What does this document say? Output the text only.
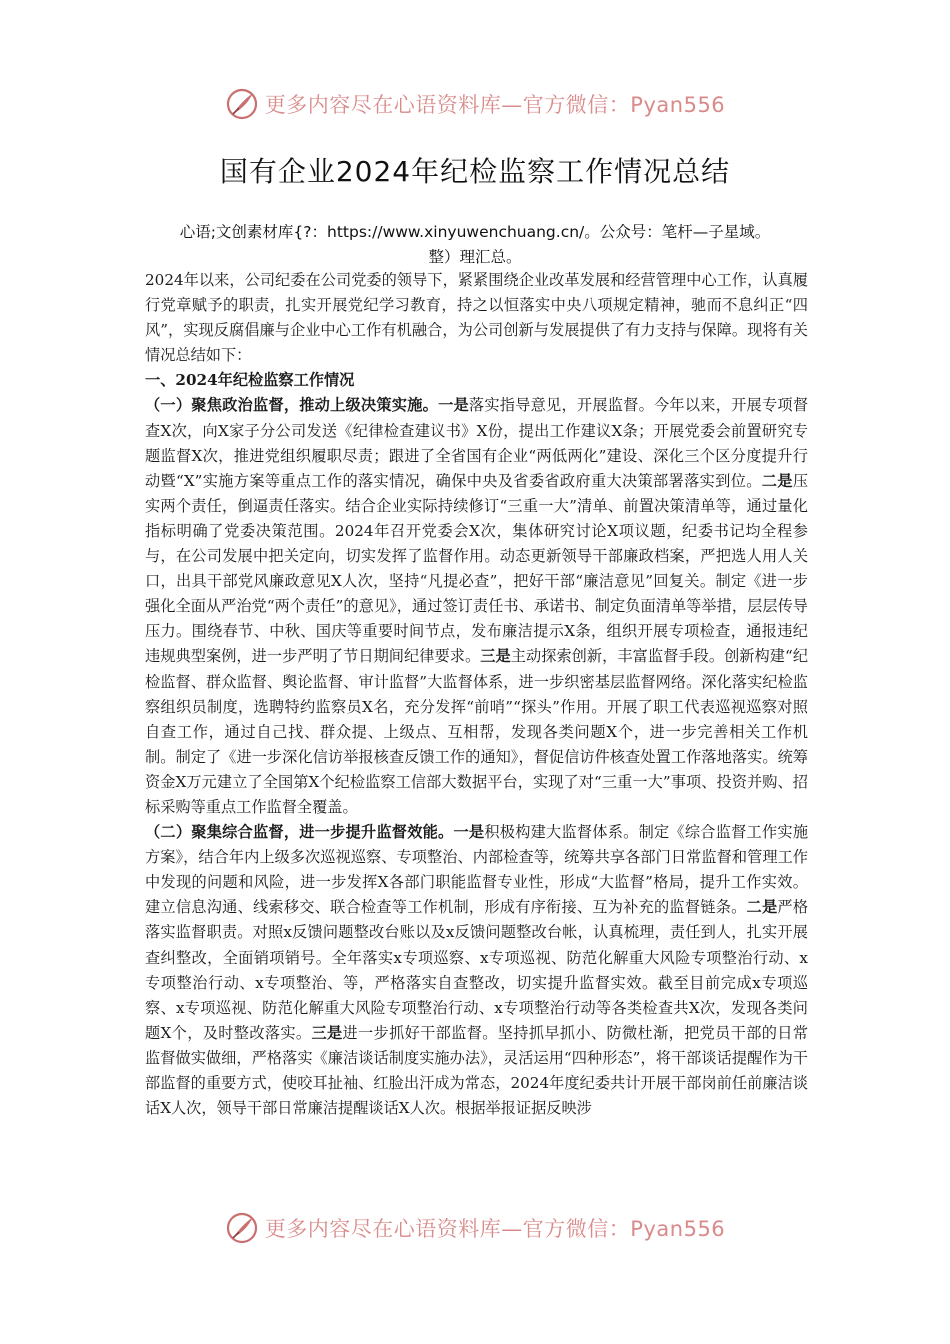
更多内容尽在心语资料库—官方微信：Pyan556
国有企业2024年纪检监察工作情况总结
心语;文创素材库{?：https://www.xinyuwenchuang.cn/。公众号：笔杆—子星域。
整）理汇总。

2024年以来，公司纪委在公司党委的领导下，紧紧围绕企业改革发展和经营管理中心工作，认真履行党章赋予的职责，扎实开展党纪学习教育，持之以恒落实中央八项规定精神，驰而不息纠正“四风”，实现反腐倡廉与企业中心工作有机融合，为公司创新与发展提供了有力支持与保障。现将有关情况总结如下：

一、2024年纪检监察工作情况

（一）聚焦政治监督，推动上级决策实施。一是落实指导意见，开展监督。今年以来，开展专项督查X次，向X家子分公司发送《纪律检查建议书》X份，提出工作建议X条；开展党委会前置研究专题监督X次，推进党组织履职尽责；跟进了全省国有企业“两低两化”建设、深化三个区分度提升行动暨“X”实施方案等重点工作的落实情况，确保中央及省委省政府重大决策部署落实到位。二是压实两个责任，倒逼责任落实。结合企业实际持续修订“三重一大”清单、前置决策清单等，通过量化指标明确了党委决策范围。2024年召开党委会X次，集体研究讨论X项议题，纪委书记均全程参与，在公司发展中把关定向，切实发挥了监督作用。动态更新领导干部廉政档案，严把选人用人关口，出具干部党风廉政意见X人次，坚持“凡提必查”，把好干部“廉洁意见”回复关。制定《进一步强化全面从严治党“两个责任”的意见》，通过签订责任书、承诺书、制定负面清单等举措，层层传导压力。围绕春节、中秋、国庆等重要时间节点，发布廉洁提示X条，组织开展专项检查，通报违纪违规典型案例，进一步严明了节日期间纪律要求。三是主动探索创新，丰富监督手段。创新构建“纪检监督、群众监督、舆论监督、审计监督”大监督体系，进一步织密基层监督网络。深化落实纪检监察组织员制度，选聘特约监察员X名，充分发挥“前哨”“探头”作用。开展了职工代表巡视巡察对照自查工作，通过自己找、群众提、上级点、互相帮，发现各类问题X个，进一步完善相关工作机制。制定了《进一步深化信访举报核查反馈工作的通知》，督促信访件核查处置工作落地落实。统筹资金X万元建立了全国第X个纪检监察工信部大数据平台，实现了对“三重一大”事项、投资并购、招标采购等重点工作监督全覆盖。

（二）聚集综合监督，进一步提升监督效能。一是积极构建大监督体系。制定《综合监督工作实施方案》，结合年内上级多次巡视巡察、专项整治、内部检查等，统筹共享各部门日常监督和管理工作中发现的问题和风险，进一步发挥X各部门职能监督专业性，形成“大监督”格局，提升工作实效。建立信息沟通、线索移交、联合检查等工作机制，形成有序衔接、互为补充的监督链条。二是严格落实监督职责。对照x反馈问题整改台账以及x反馈问题整改台帐，认真梳理，责任到人，扎实开展查纠整改，全面销项销号。全年落实x专项巡察、x专项巡视、防范化解重大风险专项整治行动、x专项整治行动、x专项整治、等，严格落实自查整改，切实提升监督实效。截至目前完成x专项巡察、x专项巡视、防范化解重大风险专项整治行动、x专项整治行动等各类检查共X次，发现各类问题X个，及时整改落实。三是进一步抓好干部监督。坚持抓早抓小、防微杜渐，把党员干部的日常监督做实做细，严格落实《廉洁谈话制度实施办法》，灵活运用“四种形态”，将干部谈话提醒作为干部监督的重要方式，使咬耳扯袖、红脸出汗成为常态，2024年度纪委共计开展干部岗前任前廉洁谈话X人次，领导干部日常廉洁提醒谈话X人次。根据举报证据反映涉

更多内容尽在心语资料库—官方微信：Pyan556
